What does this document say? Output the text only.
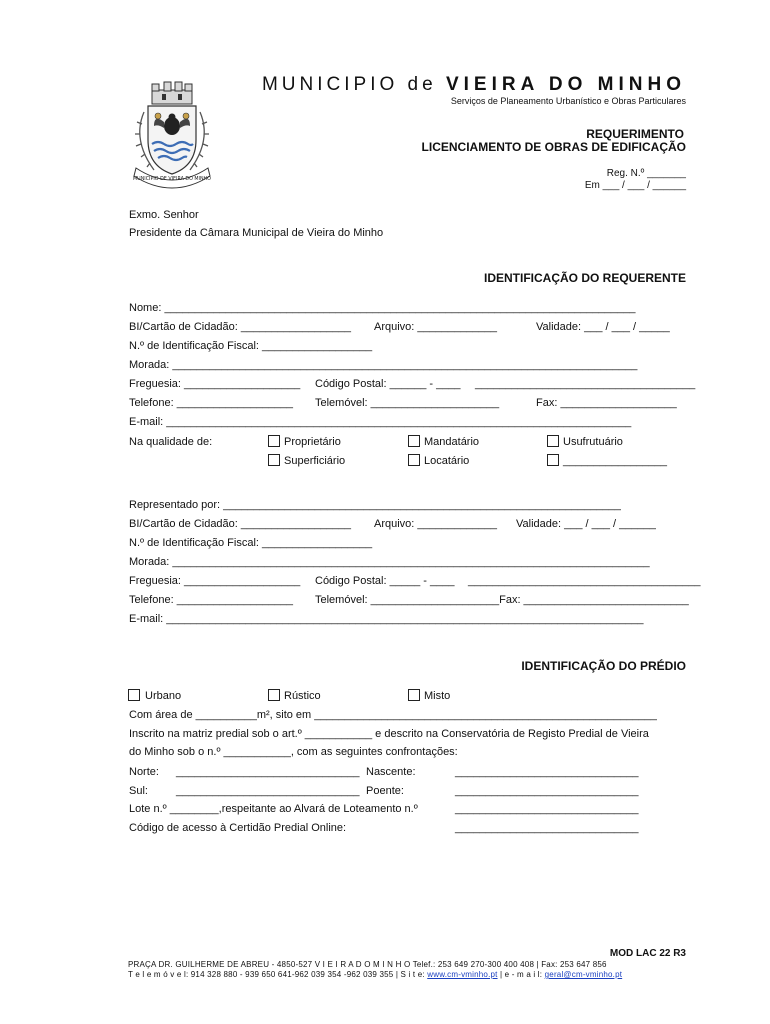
MUNICIPIO DE VIEIRA DO MINHO
MUNICIPIO de VIEIRA DO MINHO
Serviços de Planeamento Urbanístico e Obras Particulares
REQUERIMENTO
LICENCIAMENTO DE OBRAS DE EDIFICAÇÃO
Reg. N.º _______
Em ___ / ___ / ______
Exmo. Senhor
Presidente da Câmara Municipal de Vieira do Minho
IDENTIFICAÇÃO DO REQUERENTE
Nome: _____________________________________________________________________________
BI/Cartão de Cidadão: __________________ Arquivo: _____________	Validade: ___ / ___ / _____
N.º de Identificação Fiscal: __________________
Morada: ____________________________________________________________________________
Freguesia: ___________________ Código Postal: ______ - ____ ____________________________________
Telefone: ___________________ Telemóvel: _____________________	Fax: ___________________
E-mail: ____________________________________________________________________________
Na qualidade de:	Proprietário	Mandatário	Usufrutuário
Superficiário	Locatário	_________________
Representado por: _________________________________________________________________
BI/Cartão de Cidadão: __________________ Arquivo: _____________ Validade: ___ / ___ / ______
N.º de Identificação Fiscal: __________________
Morada: ______________________________________________________________________________
Freguesia: ___________________ Código Postal: _____ - ____ ______________________________________
Telefone: ___________________ Telemóvel: _____________________Fax: ___________________________
E-mail: ______________________________________________________________________________
IDENTIFICAÇÃO DO PRÉDIO
Urbano	Rústico	Misto
Com área de __________m², sito em ________________________________________________________
Inscrito na matriz predial sob o art.º ___________ e descrito na Conservatória de Registo Predial de Vieira
do Minho sob o n.º ___________, com as seguintes confrontações:
Norte: ______________________________ Nascente:	______________________________
Sul:	______________________________ Poente:	______________________________
Lote n.º ________,respeitante ao Alvará de Loteamento n.º	______________________________
Código de acesso à Certidão Predial Online:	______________________________
MOD LAC 22 R3
PRAÇA DR. GUILHERME DE ABREU - 4850-527 V I E I R A D O M I N H O Telef.: 253 649 270-300 400 408 | Fax: 253 647 856
T e l e m ó v e l: 914 328 880 - 939 650 641-962 039 354 -962 039 355 | S i t e: www.cm-vminho.pt | e - m a i l: geral@cm-vminho.pt
